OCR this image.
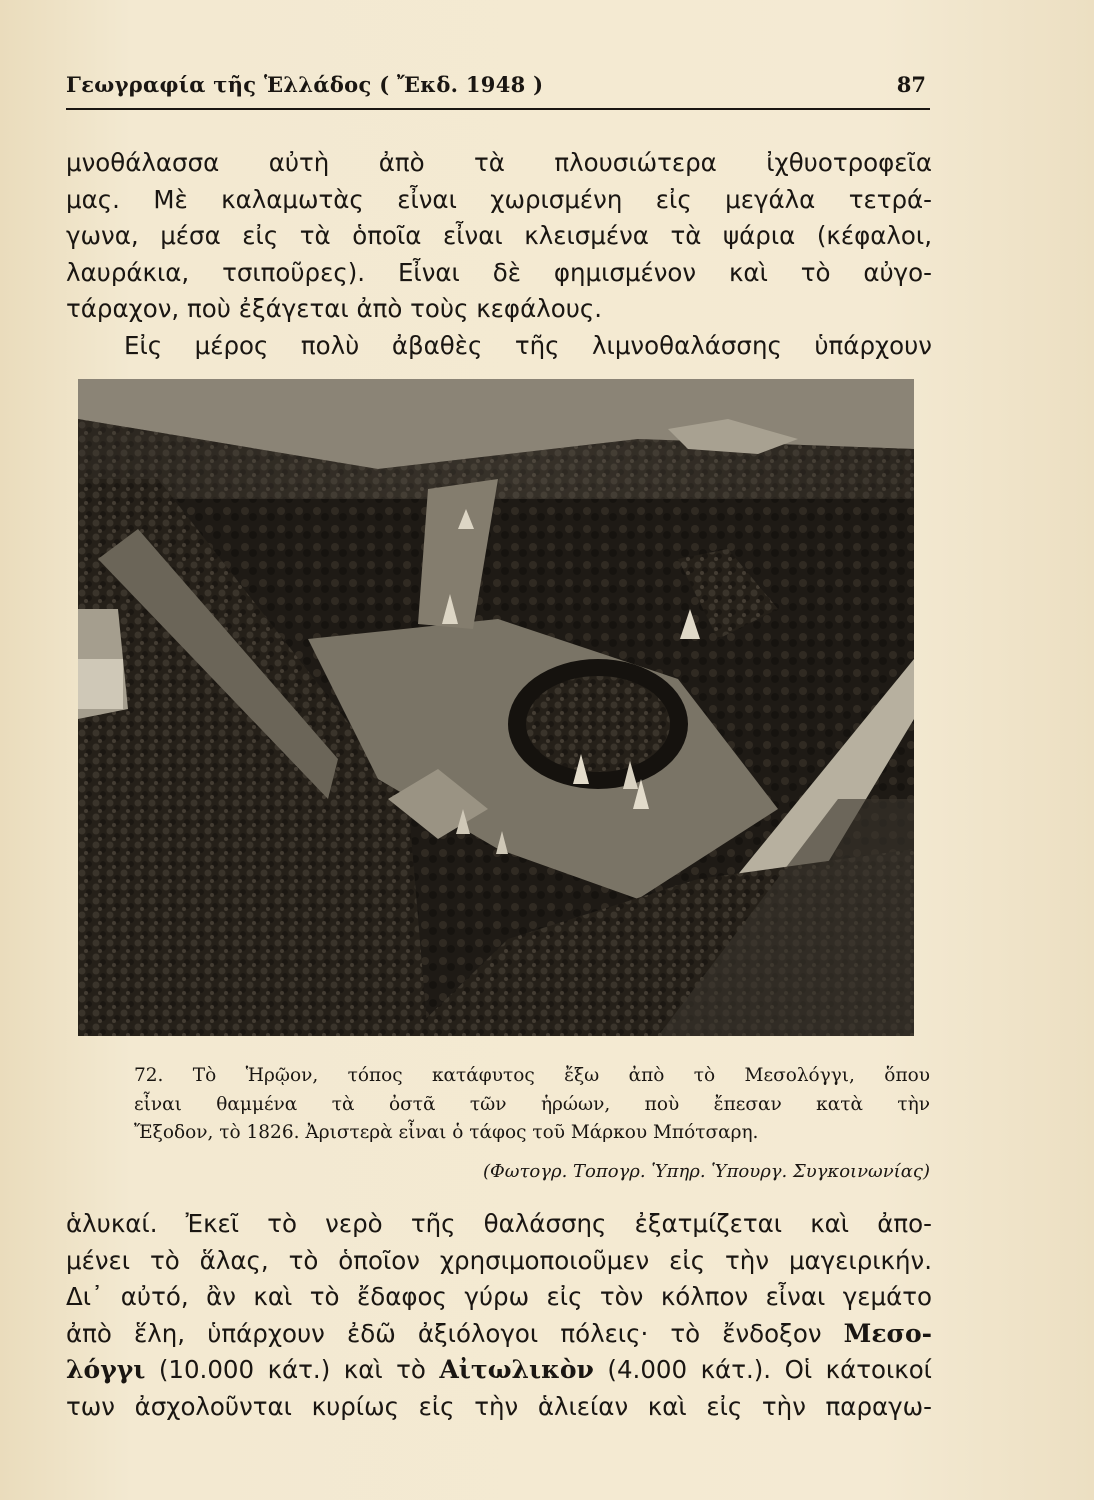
Γεωγραφία τῆς Ἑλλάδος ( Ἔκδ. 1948 )	87
μνοθάλασσα αὐτὴ ἀπὸ τὰ πλουσιώτερα ἰχθυοτροφεῖα
μας. Μὲ καλαμωτὰς εἶναι χωρισμένη εἰς μεγάλα τετρά-
γωνα, μέσα εἰς τὰ ὁποῖα εἶναι κλεισμένα τὰ ψάρια (κέφαλοι,
λαυράκια, τσιποῦρες). Εἶναι δὲ φημισμένον καὶ τὸ αὐγο-
τάραχον, ποὺ ἐξάγεται ἀπὸ τοὺς κεφάλους.
Εἰς μέρος πολὺ ἀβαθὲς τῆς λιμνοθαλάσσης ὑπάρχουν
72. Τὸ Ἡρῷον, τόπος κατάφυτος ἔξω ἀπὸ τὸ Μεσολόγγι, ὅπου
εἶναι θαμμένα τὰ ὀστᾶ τῶν ἡρώων, ποὺ ἔπεσαν κατὰ τὴν
Ἔξοδον, τὸ 1826. Ἀριστερὰ εἶναι ὁ τάφος τοῦ Μάρκου Μπότσαρη.
(Φωτογρ. Τοπογρ. Ὑπηρ. Ὑπουργ. Συγκοινωνίας)
ἁλυκαί. Ἐκεῖ τὸ νερὸ τῆς θαλάσσης ἐξατμίζεται καὶ ἀπο-
μένει τὸ ἅλας, τὸ ὁποῖον χρησιμοποιοῦμεν εἰς τὴν μαγειρικήν.
Δι᾿ αὐτό, ἂν καὶ τὸ ἔδαφος γύρω εἰς τὸν κόλπον εἶναι γεμάτο
ἀπὸ ἕλη, ὑπάρχουν ἐδῶ ἀξιόλογοι πόλεις· τὸ ἔνδοξον Μεσο-
λόγγι (10.000 κάτ.) καὶ τὸ Αἰτωλικὸν (4.000 κάτ.). Οἱ κάτοικοί
των ἀσχολοῦνται κυρίως εἰς τὴν ἁλιείαν καὶ εἰς τὴν παραγω-
